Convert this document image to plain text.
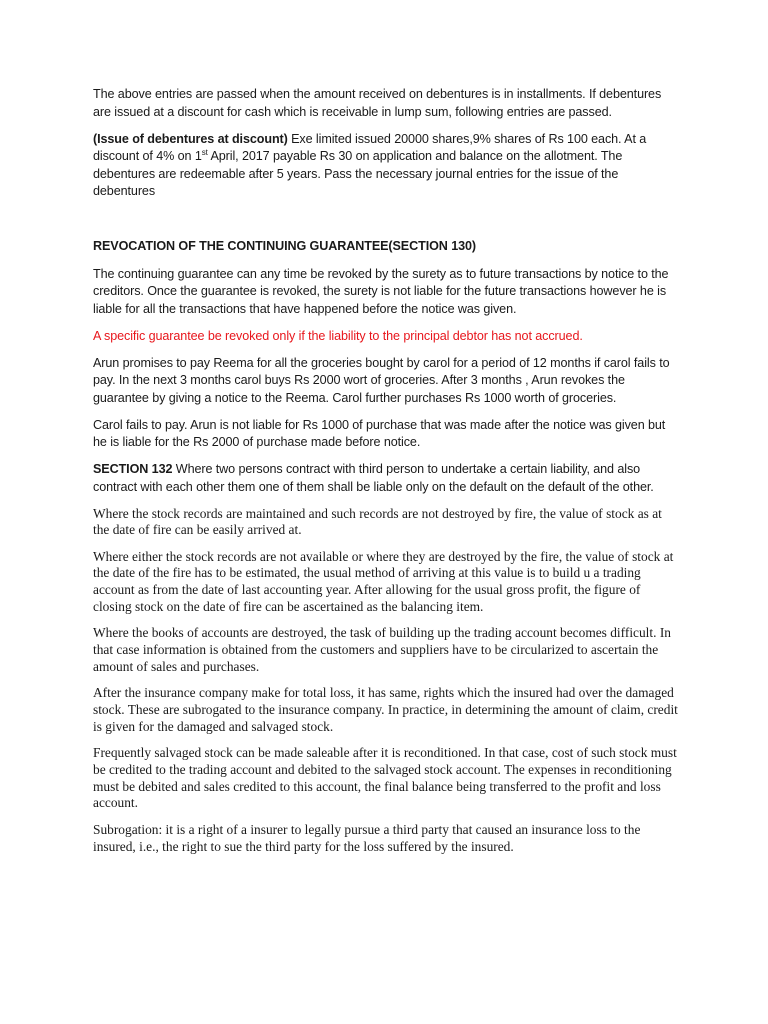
The above entries are passed when the amount received on debentures is in installments. If debentures are issued at a discount for cash which is receivable in lump sum, following entries are passed.

(Issue of debentures at discount) Exe limited issued 20000 shares,9% shares of Rs 100 each. At a discount of 4% on 1st April, 2017 payable Rs 30 on application and balance on the allotment. The debentures are redeemable after 5 years. Pass the necessary journal entries for the issue of the debentures

REVOCATION OF THE CONTINUING GUARANTEE(SECTION 130)

The continuing guarantee can any time be revoked by the surety as to future transactions by notice to the creditors. Once the guarantee is revoked, the surety is not liable for the future transactions however he is liable for all the transactions that have happened before the notice was given.

A specific guarantee be revoked only if the liability to the principal debtor has not accrued.

Arun promises to pay Reema for all the groceries bought by carol for a period of 12 months if carol fails to pay. In the next 3 months carol buys Rs 2000 wort of groceries. After 3 months , Arun revokes the guarantee by giving a notice to the Reema. Carol further purchases Rs 1000 worth of groceries.

Carol fails to pay. Arun is not liable for Rs 1000 of purchase that was made after the notice was given but he is liable for the Rs 2000 of purchase made before notice.

SECTION 132 Where two persons contract with third person to undertake a certain liability, and also contract with each other them one of them shall be liable only on the default on the default of the other.

Where the stock records are maintained and such records are not destroyed by fire, the value of stock as at the date of fire can be easily arrived at.

Where either the stock records are not available or where they are destroyed by the fire, the value of stock at the date of the fire has to be estimated, the usual method of arriving at this value is to build u a trading account as from the date of last accounting year. After allowing for the usual gross profit, the figure of closing stock on the date of fire can be ascertained as the balancing item.

Where the books of accounts are destroyed, the task of building up the trading account becomes difficult. In that case information is obtained from the customers and suppliers have to be circularized to ascertain the amount of sales and purchases.

After the insurance company make for total loss, it has same, rights which the insured had over the damaged stock. These are subrogated to the insurance company. In practice, in determining the amount of claim, credit is given for the damaged and salvaged stock.

Frequently salvaged stock can be made saleable after it is reconditioned. In that case, cost of such stock must be credited to the trading account and debited to the salvaged stock account. The expenses in reconditioning must be debited and sales credited to this account, the final balance being transferred to the profit and loss account.

Subrogation: it is a right of a insurer to legally pursue a third party that caused an insurance loss to the insured, i.e., the right to sue the third party for the loss suffered by the insured.
